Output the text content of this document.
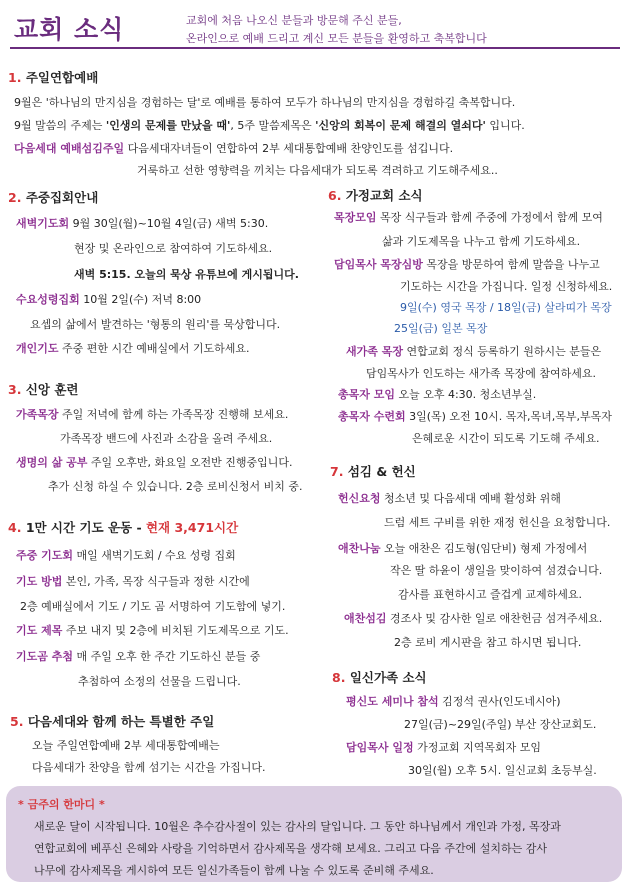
교회 소식	교회에 처음 나오신 분들과 방문해 주신 분들,
온라인으로 예배 드리고 계신 모든 분들을 환영하고 축복합니다
1. 주일연합예배
9월은 '하나님의 만지심을 경험하는 달'로 예배를 통하여 모두가 하나님의 만지심을 경험하길 축복합니다.
9월 말씀의 주제는 '인생의 문제를 만났을 때', 5주 말씀제목은 '신앙의 회복이 문제 해결의 열쇠다' 입니다.
다음세대 예배섬김주일 다음세대자녀들이 연합하여 2부 세대통합예배 찬양인도를 섬깁니다.
거룩하고 선한 영향력을 끼치는 다음세대가 되도록 격려하고 기도해주세요..
2. 주중집회안내
새벽기도회 9월 30일(월)~10월 4일(금) 새벽 5:30.
현장 및 온라인으로 참여하여 기도하세요.
새벽 5:15. 오늘의 묵상 유튜브에 게시됩니다.
수요성령집회 10월 2일(수) 저녁 8:00
요셉의 삶에서 발견하는 '형통의 원리'를 묵상합니다.
개인기도 주중 편한 시간 예배실에서 기도하세요.
3. 신앙 훈련
가족목장 주일 저녁에 함께 하는 가족목장 진행해 보세요.
가족목장 밴드에 사진과 소감을 올려 주세요.
생명의 삶 공부 주일 오후반, 화요일 오전반 진행중입니다.
추가 신청 하실 수 있습니다. 2층 로비신청서 비치 중.
4. 1만 시간 기도 운동 - 현재 3,471시간
주중 기도회 매일 새벽기도회 / 수요 성령 집회
기도 방법 본인, 가족, 목장 식구들과 정한 시간에
2층 예배실에서 기도 / 기도 곰 서명하여 기도함에 넣기.
기도 제목 주보 내지 및 2층에 비치된 기도제목으로 기도.
기도곰 추첨 매 주일 오후 한 주간 기도하신 분들 중
추첨하여 소정의 선물을 드립니다.
5. 다음세대와 함께 하는 특별한 주일
오늘 주일연합예배 2부 세대통합예배는
다음세대가 찬양을 함께 섬기는 시간을 가집니다.
6. 가정교회 소식
목장모임 목장 식구들과 함께 주중에 가정에서 함께 모여
삶과 기도제목을 나누고 함께 기도하세요.
담임목사 목장심방 목장을 방문하여 함께 말씀을 나누고
기도하는 시간을 가집니다. 일정 신청하세요.
9일(수) 영국 목장 / 18일(금) 살라띠가 목장
25일(금) 일본 목장
새가족 목장 연합교회 정식 등록하기 원하시는 분들은
담임목사가 인도하는 새가족 목장에 참여하세요.
총목자 모임 오늘 오후 4:30. 청소년부실.
총목자 수련회 3일(목) 오전 10시. 목자,목녀,목부,부목자
은혜로운 시간이 되도록 기도해 주세요.
7. 섬김 & 헌신
헌신요청 청소년 및 다음세대 예배 활성화 위해
드럼 세트 구비를 위한 재정 헌신을 요청합니다.
애찬나눔 오늘 애찬은 김도형(임단비) 형제 가정에서
작은 딸 하윤이 생일을 맞이하여 섬겼습니다.
감사를 표현하시고 즐겁게 교제하세요.
애찬섬김 경조사 및 감사한 일로 애찬헌금 섬겨주세요.
2층 로비 게시판을 참고 하시면 됩니다.
8. 일신가족 소식
평신도 세미나 참석 김정석 권사(인도네시아)
27일(금)~29일(주일) 부산 장산교회도.
담임목사 일정 가정교회 지역목회자 모임
30일(월) 오후 5시. 일신교회 초등부실.
* 금주의 한마디 *
새로운 달이 시작됩니다. 10월은 추수감사절이 있는 감사의 달입니다. 그 동안 하나님께서 개인과 가정, 목장과
연합교회에 베푸신 은혜와 사랑을 기억하면서 감사제목을 생각해 보세요. 그리고 다음 주간에 설치하는 감사
나무에 감사제목을 게시하여 모든 일신가족들이 함께 나눌 수 있도록 준비해 주세요.
